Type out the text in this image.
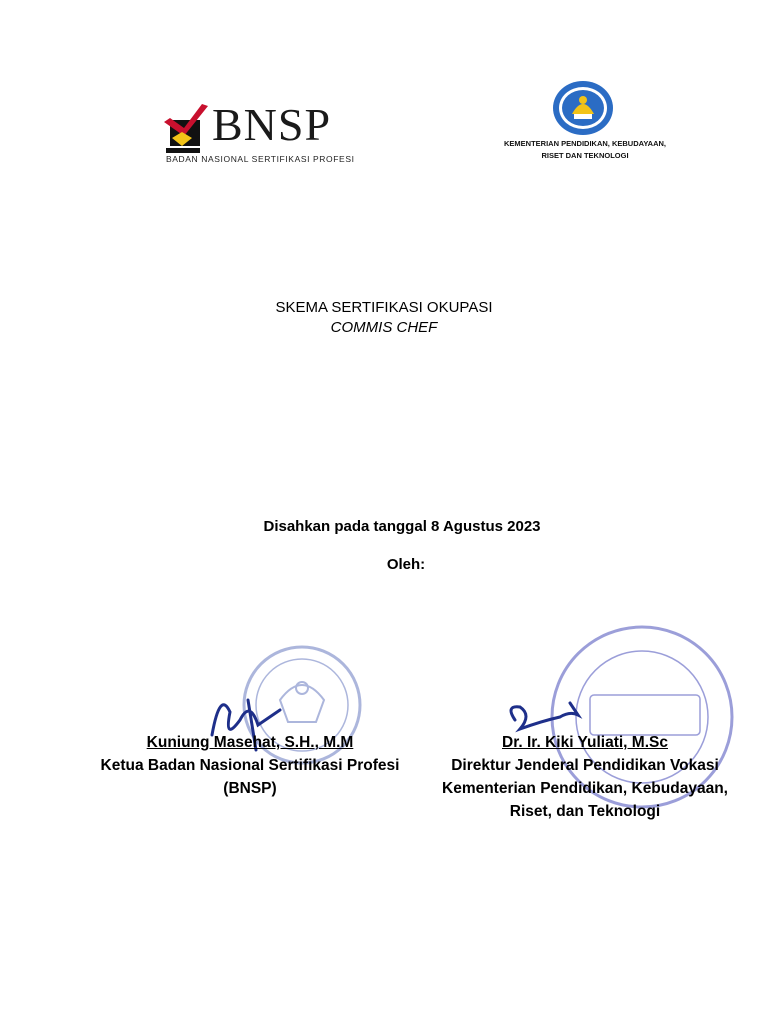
BNSP
BADAN NASIONAL SERTIFIKASI PROFESI
KEMENTERIAN PENDIDIKAN, KEBUDAYAAN,
RISET DAN TEKNOLOGI
SKEMA SERTIFIKASI OKUPASI
COMMIS CHEF
Disahkan pada tanggal 8 Agustus 2023
Oleh:
Kuniung Masehat, S.H., M.M
Ketua Badan Nasional Sertifikasi Profesi
(BNSP)
Dr. Ir. Kiki Yuliati, M.Sc
Direktur Jenderal Pendidikan Vokasi
Kementerian Pendidikan, Kebudayaan,
Riset, dan Teknologi
